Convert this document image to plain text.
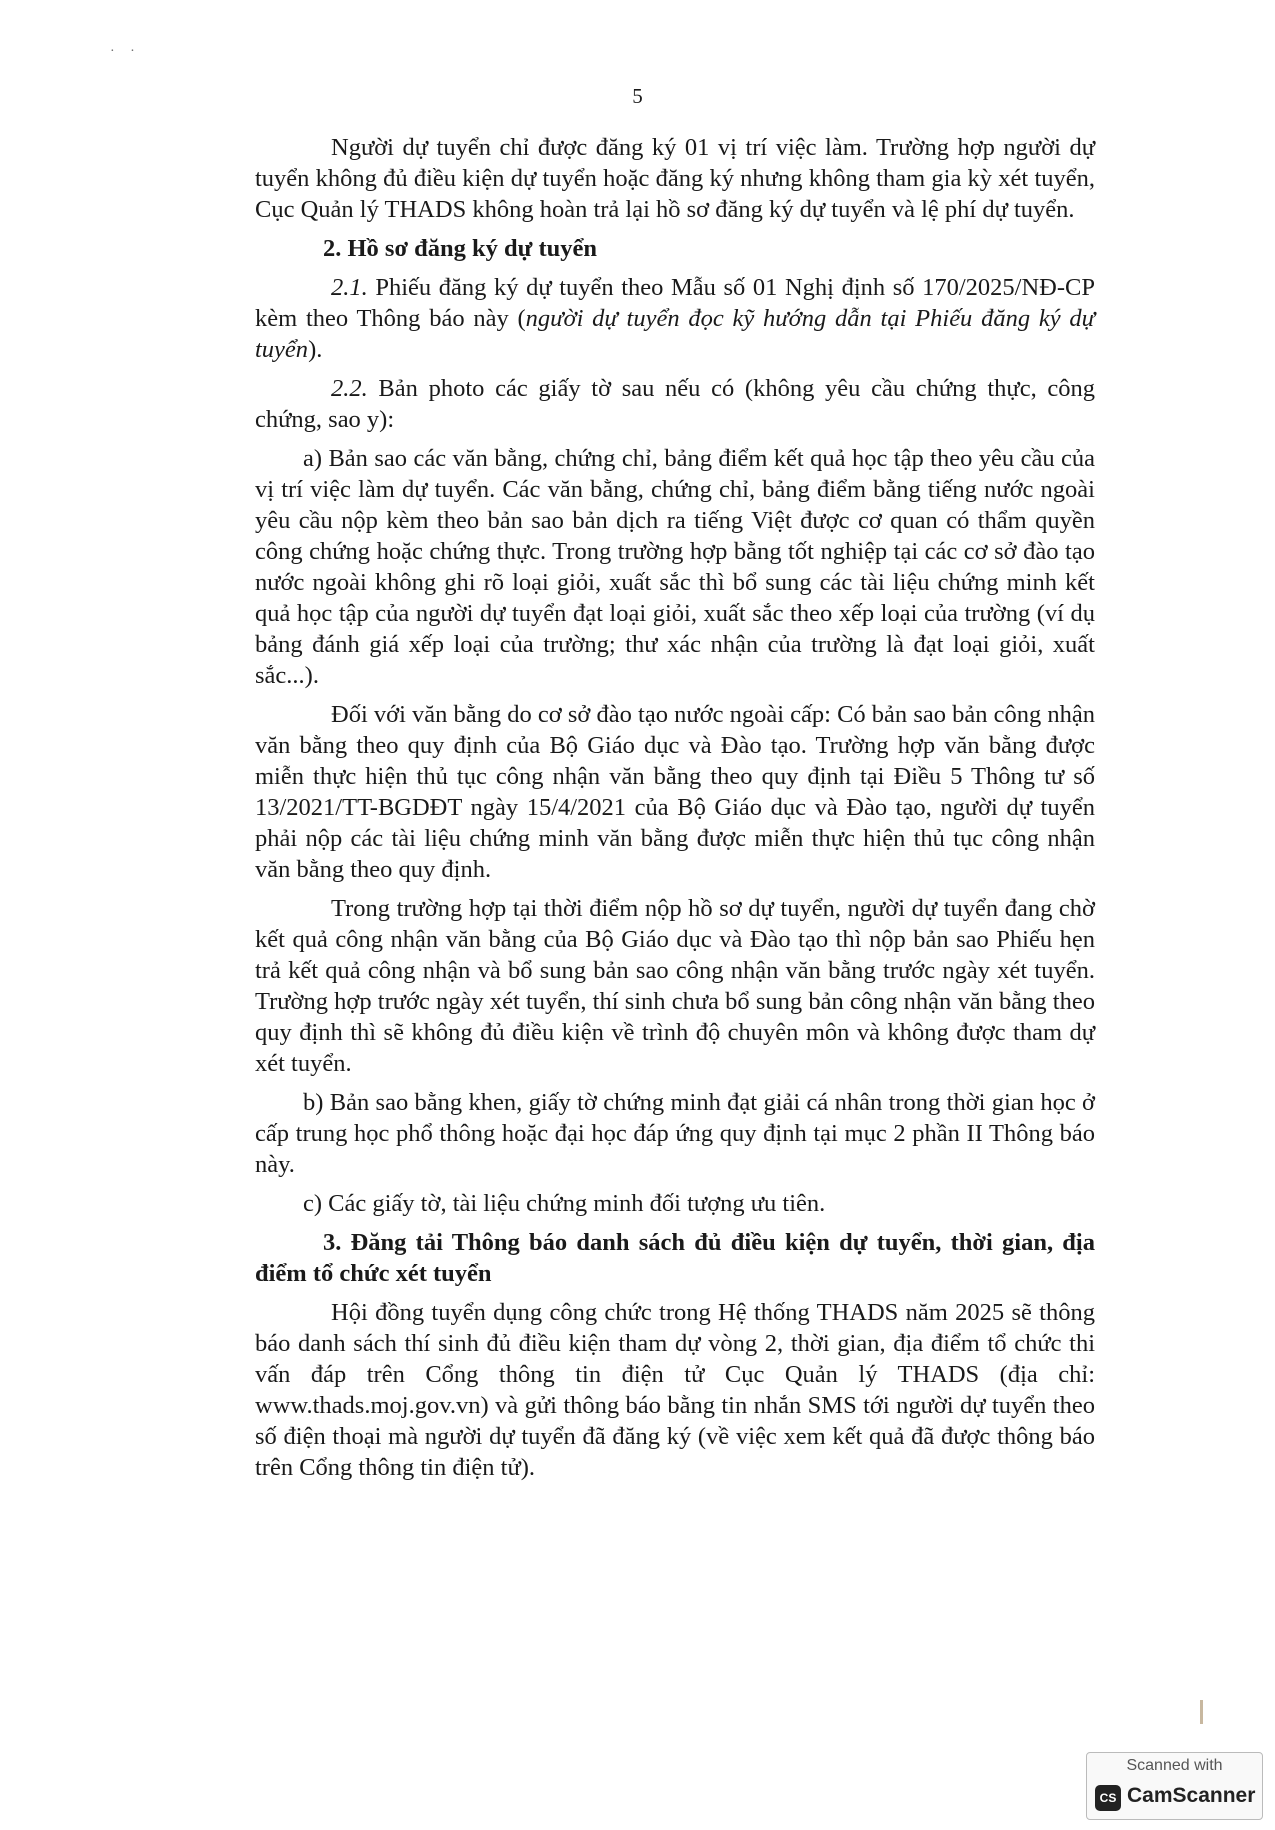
· ·
5

Người dự tuyển chỉ được đăng ký 01 vị trí việc làm. Trường hợp người dự tuyển không đủ điều kiện dự tuyển hoặc đăng ký nhưng không tham gia kỳ xét tuyển, Cục Quản lý THADS không hoàn trả lại hồ sơ đăng ký dự tuyển và lệ phí dự tuyển.

2. Hồ sơ đăng ký dự tuyển

2.1. Phiếu đăng ký dự tuyển theo Mẫu số 01 Nghị định số 170/2025/NĐ-CP kèm theo Thông báo này (người dự tuyển đọc kỹ hướng dẫn tại Phiếu đăng ký dự tuyển).

2.2. Bản photo các giấy tờ sau nếu có (không yêu cầu chứng thực, công chứng, sao y):

a) Bản sao các văn bằng, chứng chỉ, bảng điểm kết quả học tập theo yêu cầu của vị trí việc làm dự tuyển. Các văn bằng, chứng chỉ, bảng điểm bằng tiếng nước ngoài yêu cầu nộp kèm theo bản sao bản dịch ra tiếng Việt được cơ quan có thẩm quyền công chứng hoặc chứng thực. Trong trường hợp bằng tốt nghiệp tại các cơ sở đào tạo nước ngoài không ghi rõ loại giỏi, xuất sắc thì bổ sung các tài liệu chứng minh kết quả học tập của người dự tuyển đạt loại giỏi, xuất sắc theo xếp loại của trường (ví dụ bảng đánh giá xếp loại của trường; thư xác nhận của trường là đạt loại giỏi, xuất sắc...).

Đối với văn bằng do cơ sở đào tạo nước ngoài cấp: Có bản sao bản công nhận văn bằng theo quy định của Bộ Giáo dục và Đào tạo. Trường hợp văn bằng được miễn thực hiện thủ tục công nhận văn bằng theo quy định tại Điều 5 Thông tư số 13/2021/TT-BGDĐT ngày 15/4/2021 của Bộ Giáo dục và Đào tạo, người dự tuyển phải nộp các tài liệu chứng minh văn bằng được miễn thực hiện thủ tục công nhận văn bằng theo quy định.

Trong trường hợp tại thời điểm nộp hồ sơ dự tuyển, người dự tuyển đang chờ kết quả công nhận văn bằng của Bộ Giáo dục và Đào tạo thì nộp bản sao Phiếu hẹn trả kết quả công nhận và bổ sung bản sao công nhận văn bằng trước ngày xét tuyển. Trường hợp trước ngày xét tuyển, thí sinh chưa bổ sung bản công nhận văn bằng theo quy định thì sẽ không đủ điều kiện về trình độ chuyên môn và không được tham dự xét tuyển.

b) Bản sao bằng khen, giấy tờ chứng minh đạt giải cá nhân trong thời gian học ở cấp trung học phổ thông hoặc đại học đáp ứng quy định tại mục 2 phần II Thông báo này.

c) Các giấy tờ, tài liệu chứng minh đối tượng ưu tiên.

3. Đăng tải Thông báo danh sách đủ điều kiện dự tuyển, thời gian, địa điểm tổ chức xét tuyển

Hội đồng tuyển dụng công chức trong Hệ thống THADS năm 2025 sẽ thông báo danh sách thí sinh đủ điều kiện tham dự vòng 2, thời gian, địa điểm tổ chức thi vấn đáp trên Cổng thông tin điện tử Cục Quản lý THADS (địa chỉ: www.thads.moj.gov.vn) và gửi thông báo bằng tin nhắn SMS tới người dự tuyển theo số điện thoại mà người dự tuyển đã đăng ký (về việc xem kết quả đã được thông báo trên Cổng thông tin điện tử).

Scanned with
CS CamScanner
